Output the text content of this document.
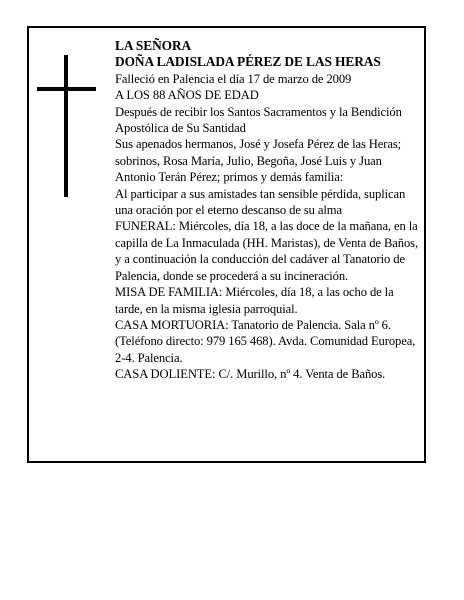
LA SEÑORA

DOÑA LADISLADA PÉREZ DE LAS HERAS

Falleció en Palencia el día 17 de marzo de 2009

A LOS 88 AÑOS DE EDAD

Después de recibir los Santos Sacramentos y la Bendición Apostólica de Su Santidad

Sus apenados hermanos, José y Josefa Pérez de las Heras; sobrinos, Rosa María, Julio, Begoña, José Luis y Juan Antonio Terán Pérez; primos y demás familia:

Al participar a sus amistades tan sensible pérdida, suplican una oración por el eterno descanso de su alma

FUNERAL: Miércoles, día 18, a las doce de la mañana, en la capilla de La Inmaculada (HH. Maristas), de Venta de Baños, y a continuación la conducción del cadáver al Tanatorio de Palencia, donde se procederá a su incineración.

MISA DE FAMILIA: Miércoles, día 18, a las ocho de la tarde, en la misma iglesia parroquial.

CASA MORTUORIA: Tanatorio de Palencia. Sala nº 6. (Teléfono directo: 979 165 468). Avda. Comunidad Europea, 2-4. Palencia.

CASA DOLIENTE: C/. Murillo, nº 4. Venta de Baños.
